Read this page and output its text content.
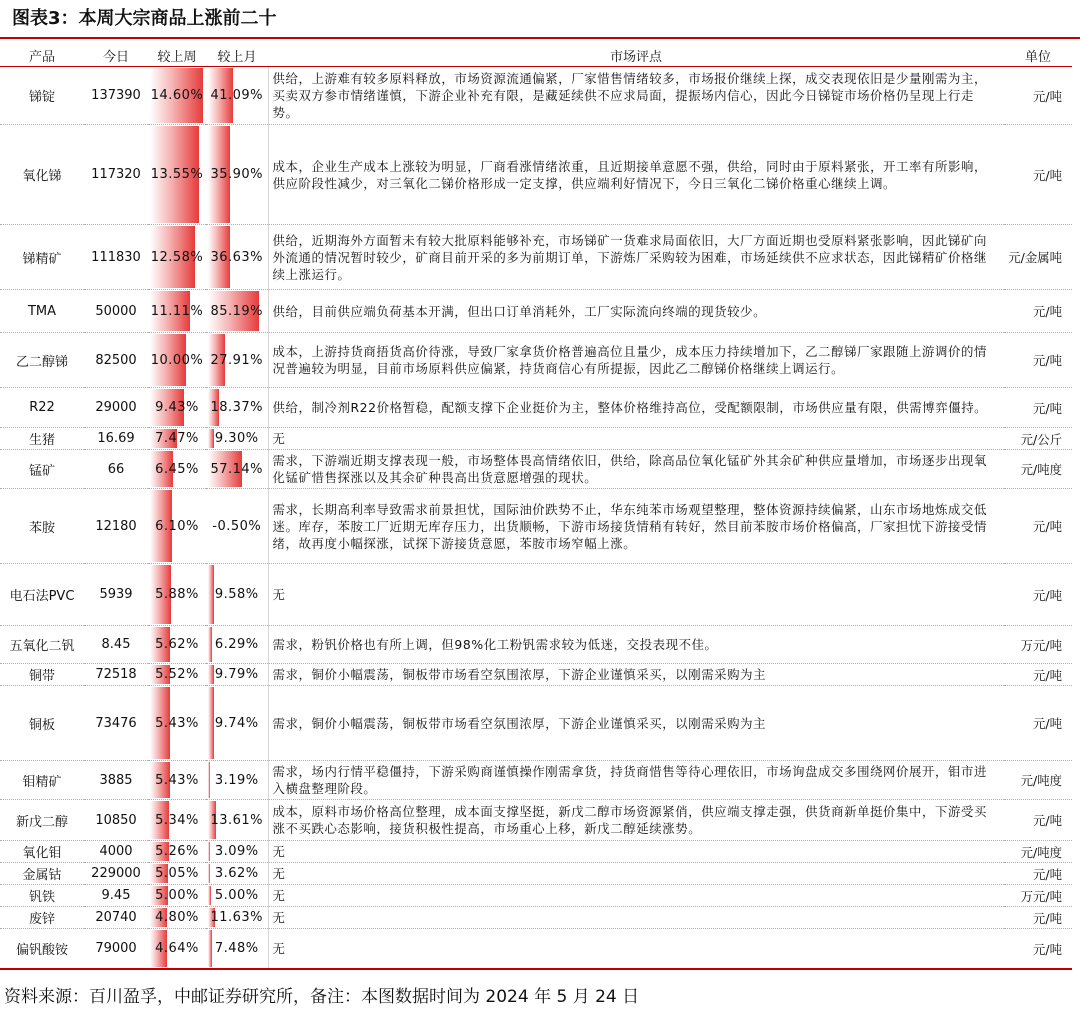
图表3：本周大宗商品上涨前二十
产品	今日	较上周	较上月	市场评点	单位
锑锭	137390	14.60%	41.09%	供给，上游难有较多原料释放，市场资源流通偏紧，厂家惜售情绪较多，市场报价继续上探，成交表现依旧是少量刚需为主，买卖双方参市情绪谨慎，下游企业补充有限，是藏延续供不应求局面，提振场内信心，因此今日锑锭市场价格仍呈现上行走势。	元/吨
氧化锑	117320	13.55%	35.90%	成本，企业生产成本上涨较为明显，厂商看涨情绪浓重，且近期接单意愿不强，供给，同时由于原料紧张，开工率有所影响，供应阶段性减少，对三氧化二锑价格形成一定支撑，供应端利好情况下，今日三氧化二锑价格重心继续上调。	元/吨
锑精矿	111830	12.58%	36.63%	供给，近期海外方面暂未有较大批原料能够补充，市场锑矿一货难求局面依旧，大厂方面近期也受原料紧张影响，因此锑矿向外流通的情况暂时较少，矿商目前开采的多为前期订单，下游炼厂采购较为困难，市场延续供不应求状态，因此锑精矿价格继续上涨运行。	元/金属吨
TMA	50000	11.11%	85.19%	供给，目前供应端负荷基本开满，但出口订单消耗外，工厂实际流向终端的现货较少。	元/吨
乙二醇锑	82500	10.00%	27.91%	成本，上游持货商捂货高价待涨，导致厂家拿货价格普遍高位且量少，成本压力持续增加下，乙二醇锑厂家跟随上游调价的情况普遍较为明显，目前市场原料供应偏紧，持货商信心有所提振，因此乙二醇锑价格继续上调运行。	元/吨
R22	29000	9.43%	18.37%	供给，制冷剂R22价格暂稳，配额支撑下企业挺价为主，整体价格维持高位，受配额限制，市场供应量有限，供需博弈僵持。	元/吨
生猪	16.69	7.47%	9.30%	无	元/公斤
锰矿	66	6.45%	57.14%	需求，下游端近期支撑表现一般，市场整体畏高情绪依旧，供给，除高品位氧化锰矿外其余矿种供应量增加，市场逐步出现氧化锰矿惜售探涨以及其余矿种畏高出货意愿增强的现状。	元/吨度
苯胺	12180	6.10%	-0.50%	需求，长期高利率导致需求前景担忧，国际油价跌势不止，华东纯苯市场观望整理，整体资源持续偏紧，山东市场地炼成交低迷。库存，苯胺工厂近期无库存压力，出货顺畅，下游市场接货情稍有转好，然目前苯胺市场价格偏高，厂家担忧下游接受情绪，故再度小幅探涨，试探下游接货意愿，苯胺市场窄幅上涨。	元/吨
电石法PVC	5939	5.88%	9.58%	无	元/吨
五氧化二钒	8.45	5.62%	6.29%	需求，粉钒价格也有所上调，但98%化工粉钒需求较为低迷，交投表现不佳。	万元/吨
铜带	72518	5.52%	9.79%	需求，铜价小幅震荡，铜板带市场看空氛围浓厚，下游企业谨慎采买，以刚需采购为主	元/吨
铜板	73476	5.43%	9.74%	需求，铜价小幅震荡，铜板带市场看空氛围浓厚，下游企业谨慎采买，以刚需采购为主	元/吨
钼精矿	3885	5.43%	3.19%	需求，场内行情平稳僵持，下游采购商谨慎操作刚需拿货，持货商惜售等待心理依旧，市场询盘成交多围绕网价展开，钼市进入横盘整理阶段。	元/吨度
新戊二醇	10850	5.34%	13.61%	成本，原料市场价格高位整理，成本面支撑坚挺，新戊二醇市场资源紧俏，供应端支撑走强，供货商新单挺价集中，下游受买涨不买跌心态影响，接货积极性提高，市场重心上移，新戊二醇延续涨势。	元/吨
氧化钼	4000	5.26%	3.09%	无	元/吨度
金属钴	229000	5.05%	3.62%	无	元/吨
钒铁	9.45	5.00%	5.00%	无	万元/吨
废锌	20740	4.80%	11.63%	无	元/吨
偏钒酸铵	79000	4.64%	7.48%	无	元/吨
资料来源：百川盈孚，中邮证券研究所，备注：本图数据时间为 2024 年 5 月 24 日
